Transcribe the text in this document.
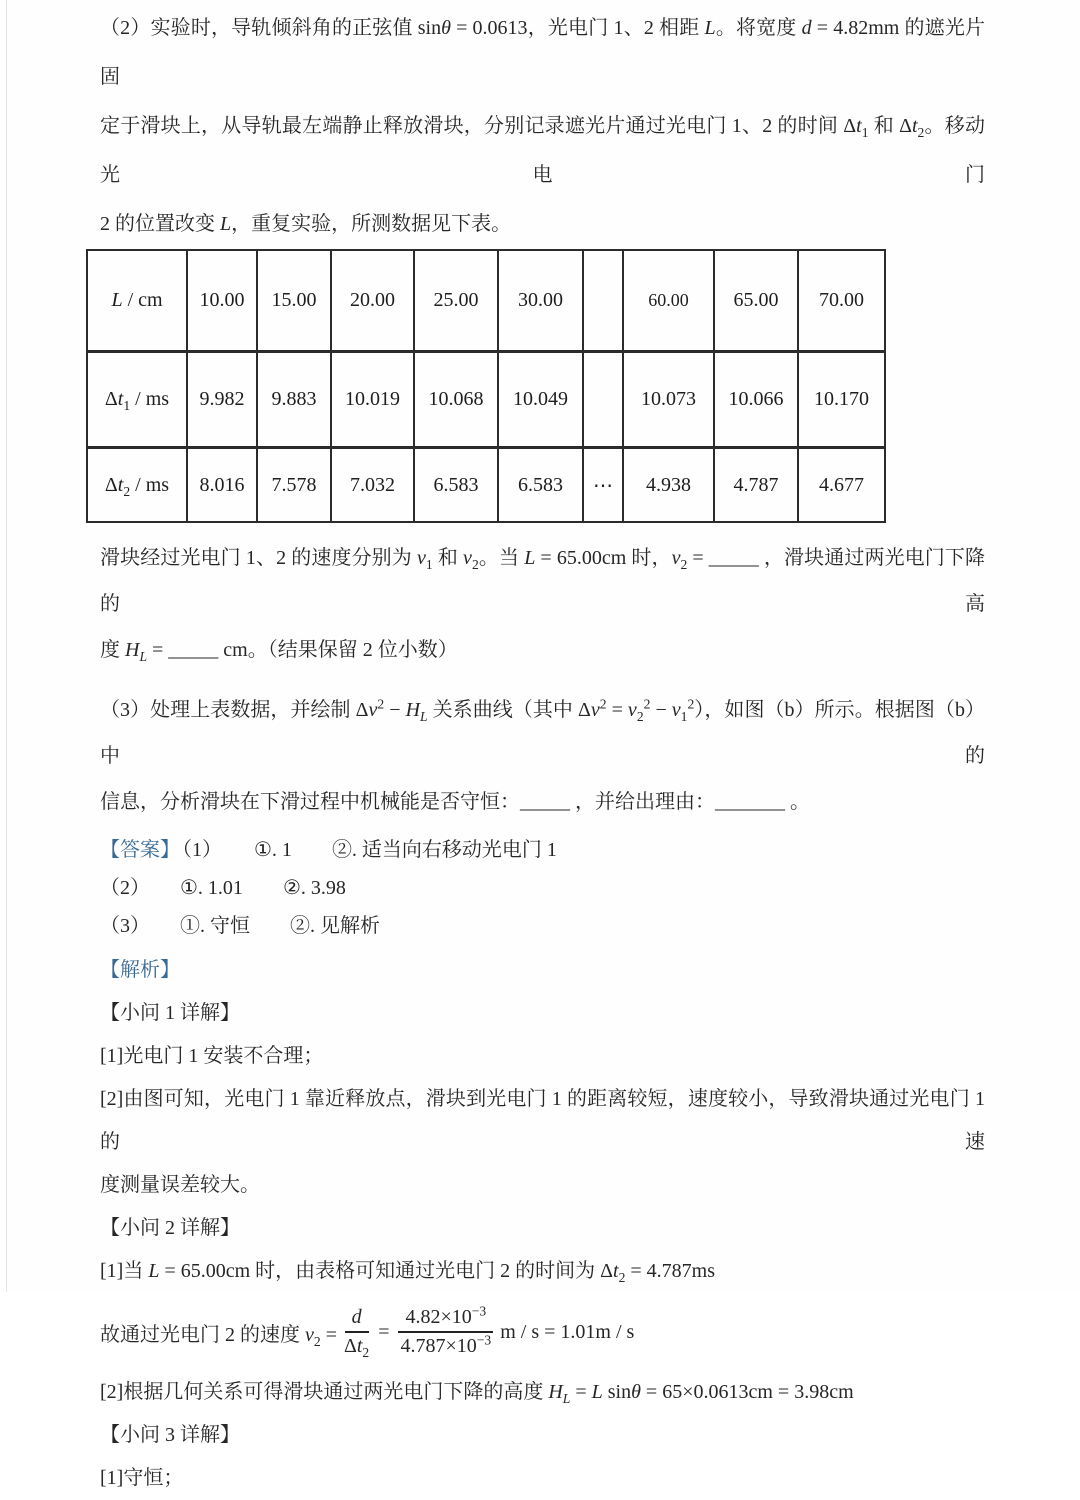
（2）实验时，导轨倾斜角的正弦值 sinθ = 0.0613，光电门 1、2 相距 L。将宽度 d = 4.82mm 的遮光片固

定于滑块上，从导轨最左端静止释放滑块，分别记录遮光片通过光电门 1、2 的时间 $\Delta t_1$ 和 $\Delta t_2$。移动光电门

2 的位置改变 L，重复实验，所测数据见下表。

L / cm	10.00	15.00	20.00	25.00	30.00		60.00	65.00	70.00
$\Delta t_1$ / ms	9.982	9.883	10.019	10.068	10.049		10.073	10.066	10.170
$\Delta t_2$ / ms	8.016	7.578	7.032	6.583	6.583	⋯	4.938	4.787	4.677

滑块经过光电门 1、2 的速度分别为 $v_1$ 和 $v_2$。当 L = 65.00cm 时，$v_2$ = _____ ，滑块通过两光电门下降的高

度 $H_L$ = _____ cm。（结果保留 2 位小数）

（3）处理上表数据，并绘制 $\Delta v^2 - H_L$ 关系曲线（其中 $\Delta v^2 = v_2^2 - v_1^2$），如图（b）所示。根据图（b）中的

信息，分析滑块在下滑过程中机械能是否守恒：_____ ，并给出理由：_______ 。

【答案】 （1） ①. 1 ②. 适当向右移动光电门 1

（2） ①. 1.01 ②. 3.98

（3） ①. 守恒 ②. 见解析

【解析】

【小问 1 详解】

[1]光电门 1 安装不合理；

[2]由图可知，光电门 1 靠近释放点，滑块到光电门 1 的距离较短，速度较小，导致滑块通过光电门 1 的速

度测量误差较大。

【小问 2 详解】

[1]当 L = 65.00cm 时，由表格可知通过光电门 2 的时间为 $\Delta t_2 = 4.787ms$

故通过光电门 2 的速度 $v_2 = \frac{d}{\Delta t_2} = \frac{4.82\times 10^{-3}}{4.787\times 10^{-3}}$ m / s = 1.01m / s

[2]根据几何关系可得滑块通过两光电门下降的高度 $H_L = L$ sinθ = 65×0.0613cm = 3.98cm

【小问 3 详解】

[1]守恒；
